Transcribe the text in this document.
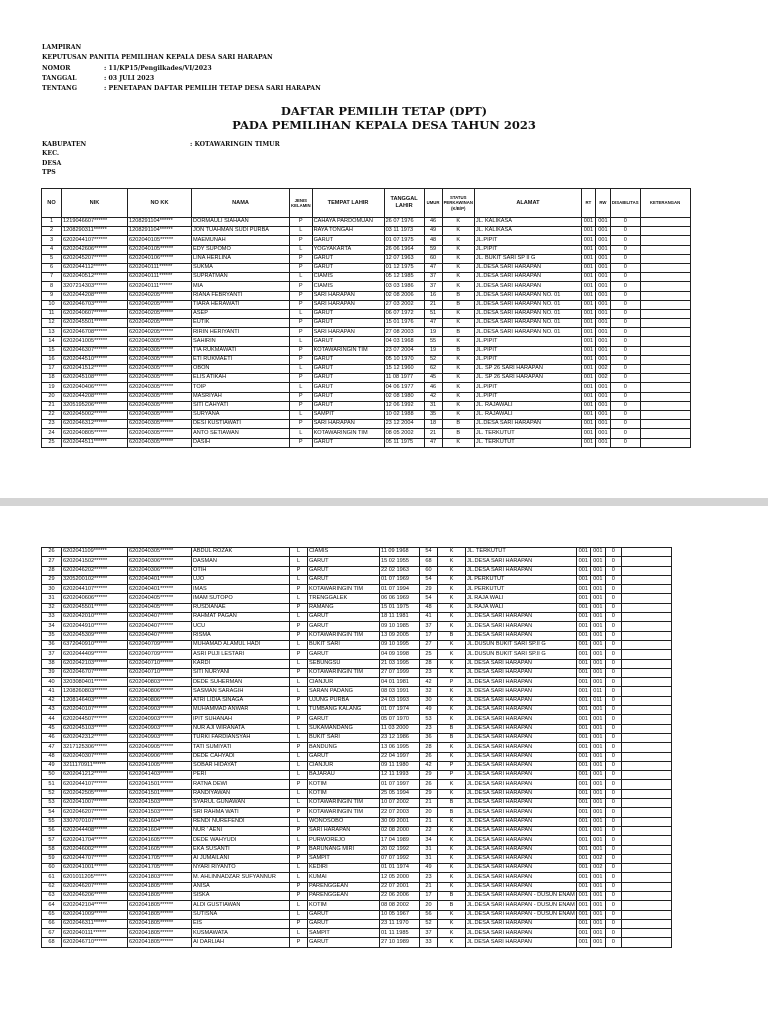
LAMPIRAN
KEPUTUSAN PANITIA PEMILIHAN KEPALA DESA SARI HARAPAN
NOMOR	: 11/KP15/Pengilkades/VI/2023
TANGGAL	: 03 JULI 2023
TENTANG	: PENETAPAN DAFTAR PEMILIH TETAP DESA SARI HARAPAN
DAFTAR PEMILIH TETAP (DPT)
PADA PEMILIHAN KEPALA DESA TAHUN 2023
KABUPATEN	: KOTAWARINGIN TIMUR
KEC.
DESA
TPS
NO	NIK	NO KK	NAMA	JENIS KELAMIN	TEMPAT LAHIR	TANGGAL LAHIR	UMUR	STATUS PERKAWINAN (K/B/P)	ALAMAT	RT	RW	DISABILITAS	KETERANGAN
1	1219046607******	1208291104******	DORMAULI SIAHAAN	P	CAHAYA PARDOMUAN	26 07 1976	46	K	JL. KALIKASA	001	001	0	
2	1208290311******	1208291104******	JON TUAHMAN SUDI PURBA	L	RAYA TONGAH	03 11 1973	49	K	JL. KALIKASA	001	001	0	
3	6202044107******	6202040105******	MAEMUNAH	P	GARUT	01 07 1975	48	K	JL.PIPIT	001	001	0	
4	6202042606******	6202040105******	EDY SUPOMO	L	YOGYAKARTA	26 06 1964	59	K	JL.PIPIT	001	001	0	
5	6202045207******	6202040106******	LINA HERLINA	P	GARUT	12 07 1963	60	K	JL. BUKIT SARI SP II G	001	001	0	
6	6202044112******	6202040111******	SUKMA	P	GARUT	01 12 1975	47	K	JL.DESA SARI HARAPAN	001	001	0	
7	6202040512******	6202040111******	SUPRATMAN	L	CIAMIS	05 12 1985	37	K	JL.DESA SARI HARAPAN	001	001	0	
8	3207214303******	6202040111******	MIA	P	CIAMIS	03 03 1986	37	K	JL.DESA SARI HARAPAN	001	001	0	
9	6202044208******	6202040205******	RIANA FEBRYANTI	P	SARI HARAPAN	02 08 2006	16	B	JL.DESA SARI HARAPAN NO. 01	001	001	0	
10	6202046703******	6202040205******	TIARA HERAWATI	P	SARI HARAPAN	27 03 2002	21	B	JL.DESA SARI HARAPAN NO. 01	001	001	0	
11	6202040607******	6202040205******	ASEP	L	GARUT	06 07 1972	51	K	JL.DESA SARI HARAPAN NO. 01	001	001	0	
12	6202045501******	6202040205******	EUTIK	P	GARUT	15 01 1976	47	K	JL.DESA SARI HARAPAN NO. 01	001	001	0	
13	6202046708******	6202040205******	RIRIN HERIYANTI	P	SARI HARAPAN	27 08 2003	19	B	JL.DESA SARI HARAPAN NO. 01	001	001	0	
14	6202041005******	6202040305******	SAHIRIN	L	GARUT	04 03 1968	55	K	JL.PIPIT	001	001	0	
15	6202046307******	6202040305******	TIA RUKMAWATI	P	KOTAWARINGIN TIM	23 07 2004	19	B	JL.PIPIT	001	001	0	
16	6202044510******	6202040305******	ETI RUKMAETI	P	GARUT	05 10 1970	52	K	JL.PIPIT	001	001	0	
17	6202041512******	6202040305******	OBON	L	GARUT	15 12 1960	62	K	JL. SP 26 SARI HARAPAN	001	002	0	
18	6202045108******	6202040305******	ELIS ATIKAH	P	GARUT	11 08 1977	45	K	JL. SP 26 SARI HARAPAN	001	002	0	
19	6202040406******	6202040305******	TOIP	L	GARUT	04 06 1977	46	K	JL.PIPIT	001	001	0	
20	6202044208******	6202040305******	MASRIYAH	P	GARUT	02 08 1980	42	K	JL.PIPIT	001	001	0	
21	3205195206******	6202040305******	SITI CAHYATI	P	GARUT	12 06 1992	31	K	JL. RAJAWALI	001	001	0	
22	6202045002******	6202040305******	SURYANA	L	SAMPIT	10 02 1988	35	K	JL. RAJAWALI	001	001	0	
23	6202046312******	6202040305******	DESI KUSTIAWATI	P	SARI HARAPAN	23 12 2004	18	B	JL.DESA SARI HARAPAN	001	001	0	
24	6202040805******	6202040305******	ANTO SETIAWAN	L	KOTAWARINGIN TIM	08 05 2002	21	B	JL. TERKUTUT	001	001	0	
25	6202044511******	6202040305******	DASIH	P	GARUT	05 11 1975	47	K	JL. TERKUTUT	001	001	0	
26	6202041109******	6202040305******	ABDUL ROZAK	L	CIAMIS	11 09 1968	54	K	JL. TERKUTUT	001	001	0	
27	6202041502******	6202040306******	DASMAN	L	GARUT	15 02 1955	68	K	JL.DESA SARI HARAPAN	001	001	0	
28	6202046202******	6202040306******	OTIH	P	GARUT	22 02 1963	60	K	JL.DESA SARI HARAPAN	001	001	0	
29	3205200102******	6202040401******	UJO	L	GARUT	01 07 1969	54	K	JL PERKUTUT	001	001	0	
30	6202044107******	6202040401******	IMAS	P	KOTAWARINGIN TIM	01 07 1994	29	K	JL PERKUTUT	001	001	0	
31	6202040606******	6202040405******	IMAM SUTOPO	L	TRENGGALEK	06 06 1969	54	K	JL RAJA WALI	001	001	0	
32	6202045501******	6202040405******	RUSDIANAE	P	RAMANG	15 01 1975	48	K	JL RAJA WALI	001	001	0	
33	6202042010******	6202040407******	RAHMAT PAGAN	L	GARUT	18 11 1981	41	K	JL.DESA SARI HARAPAN	001	001	0	
34	6202044910******	6202040407******	UCU	P	GARUT	09 10 1985	37	K	JL.DESA SARI HARAPAN	001	001	0	
35	6202045309******	6202040407******	RISMA	P	KOTAWARINGIN TIM	13 09 2005	17	B	JL.DESA SARI HARAPAN	001	001	0	
36	6372040910******	6202040709******	MUHAMAD ALAMUL HADI	L	BUKIT SARI	09 10 1995	27	K	JL.DUSUN BUKIT SARI SP.II G	001	001	0	
37	6202044409******	6202040709******	ASRI PUJI LESTARI	P	GARUT	04 09 1998	25	K	JL.DUSUN BUKIT SARI SP.II G	001	001	0	
38	6202042103******	6202040710******	KARDI	L	SEBUNGSU	21 03 1995	28	K	JL DESA SARI HARAPAN	001	001	0	
39	6202046707******	6202040710******	SITI NURYANI	P	KOTAWARINGIN TIM	27 07 1999	23	K	JL DESA SARI HARAPAN	001	001	0	
40	3203080401******	6202040803******	DEDE SUHERMAN	L	CIANJUR	04 01 1981	42	P	JL.DESA SARI HARAPAN	001	001	0	
41	1208260803******	6202040806******	SASMAN SARAGIH	L	SARAN PADANG	08 03 1991	32	K	JL DESA SARI HARAPAN	001	011	0	
42	1208146403******	6202040806******	ATRI LIDIA SINAGA	P	UJUNG PURBA	24 03 1993	30	K	JL DESA SARI HARAPAN	001	011	0	
43	6202040107******	6202040903******	MUHAMMAD ANWAR	L	TUMBANG KALANG	01 07 1974	49	K	JL.DESA SARI HARAPAN	001	001	0	
44	6202044507******	6202040903******	IPIT SUHANAH	P	GARUT	05 07 1970	53	K	JL.DESA SARI HARAPAN	001	001	0	
45	6202045103******	6202040903******	NUR AJI WIRANATA	L	SUKAMANDANG	11 03 2000	23	B	JL.DESA SARI HARAPAN	001	001	0	
46	6202042312******	6202040903******	TURKI FARDIANSYAH	L	BUKIT SARI	23 12 1986	36	B	JL.DESA SARI HARAPAN	001	001	0	
47	3217125306******	6202040905******	TATI SUMIYATI	P	BANDUNG	13 06 1995	28	K	JL.DESA SARI HARAPAN	001	001	0	
48	6202040307******	6202040906******	DEDE CAHYADI	L	GARUT	22 04 1997	26	K	JL.DESA SARI HARAPAN	001	001	0	
49	3211170911******	6202041005******	SOBAR HIDAYAT	L	CIANJUR	09 11 1980	42	P	JL.DESA SARI HARAPAN	001	001	0	
50	6202041212******	6202041403******	PERI	L	BAJARAU	12 11 1993	29	P	JL.DESA SARI HARAPAN	001	001	0	
51	6202044107******	6202041501******	RATNA DEWI	P	KOTIM	01 07 1997	26	K	JL.DESA SARI HARAPAN	001	001	0	
52	6202042505******	6202041501******	RANDIYAWAN	L	KOTIM	25 05 1994	29	K	JL.DESA SARI HARAPAN	001	001	0	
53	6202041007******	6202041503******	SYARUL GUNAWAN	L	KOTAWARINGIN TIM	10 07 2002	21	B	JL.DESA SARI HARAPAN	001	001	0	
54	6202046207******	6202041503******	SRI RAHMA WATI	P	KOTAWARINGIN TIM	22 07 2003	20	B	JL.DESA SARI HARAPAN	001	001	0	
55	3307070107******	6202041604******	RENDI NUREFENDI	L	WONOSOBO	30 09 2001	21	K	JL.DESA SARI HARAPAN	001	001	0	
56	6202044408******	6202041604******	NUR ' AENI	P	SARI HARAPAN	02 08 2000	22	K	JL.DESA SARI HARAPAN	001	001	0	
57	6202041704******	6202041605******	DEDE WAHYUDI	L	PURWOREJO	17 04 1989	34	K	JL.DESA SARI HARAPAN	001	001	0	
58	6202046002******	6202041605******	EKA SUSANTI	P	BARUNANG MIRI	20 02 1992	31	K	JL.DESA SARI HARAPAN	001	001	0	
59	6202044707******	6202041705******	AI JUMAILANI	P	SAMPIT	07 07 1992	31	K	JL.DESA SARI HARAPAN	001	002	0	
60	6202041001******	6202041705******	NYARI RIYANTO	L	KEDIRI	01 01 1974	49	K	JL.DESA SARI HARAPAN	001	002	0	
61	6201011205******	6202041803******	M. AHLINNADZAR SUFYANNUR	L	KUMAI	12 05 2000	23	K	JL.DESA SARI HARAPAN	001	001	0	
62	6202046207******	6202041805******	ANISA	P	PARENGGEAN	22 07 2001	21	K	JL.DESA SARI HARAPAN	001	001	0	
63	6202046206******	6202041805******	SISKA	P	PARENGGEAN	22 06 2006	17	B	JL.DESA SARI HARAPAN - DUSUN ENAM	001	001	0	
64	6202042104******	6202041805******	ALDI GUSTIAWAN	L	KOTIM	08 08 2002	20	B	JL.DESA SARI HARAPAN - DUSUN ENAM	001	001	0	
65	6202041009******	6202041805******	SUTISNA	L	GARUT	10 05 1967	56	K	JL.DESA SARI HARAPAN - DUSUN ENAM	001	001	0	
66	6202046311******	6202041805******	EIS	P	GARUT	23 11 1970	52	K	JL.DESA SARI HARAPAN	001	001	0	
67	6202040111******	6202041805******	KUSMAWATA	L	SAMPIT	01 11 1985	37	K	JL.DESA SARI HARAPAN	001	001	0	
68	6202046710******	6202041805******	AI DARLIAH	P	GARUT	27 10 1989	33	K	JL DESA SARI HARAPAN	001	001	0	
